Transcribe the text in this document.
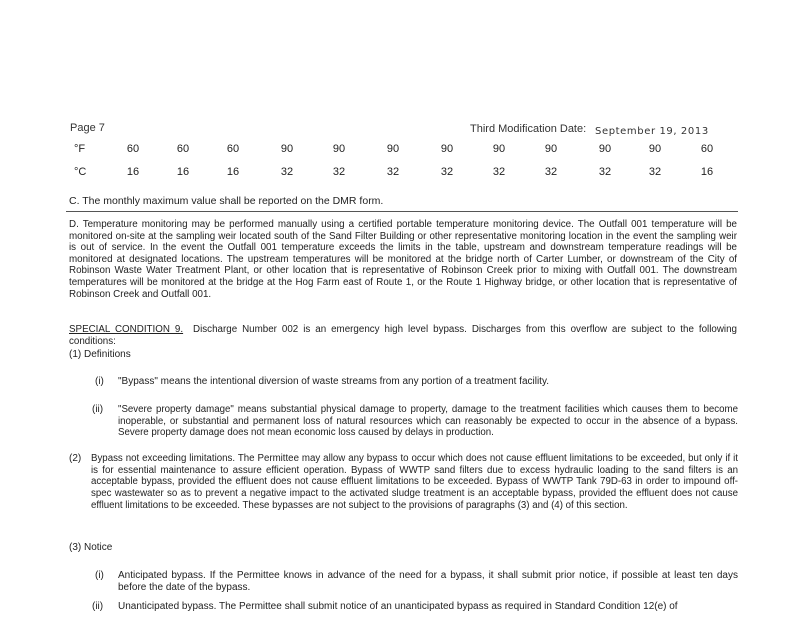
Page 7	Third Modification Date: September 19, 2013
°F	60	60	60	90	90	90	90	90	90	90	90	60
°C	16	16	16	32	32	32	32	32	32	32	32	16
C. The monthly maximum value shall be reported on the DMR form.
D. Temperature monitoring may be performed manually using a certified portable temperature monitoring device. The Outfall 001 temperature will be monitored on-site at the sampling weir located south of the Sand Filter Building or other representative monitoring location in the event the sampling weir is out of service. In the event the Outfall 001 temperature exceeds the limits in the table, upstream and downstream temperature readings will be monitored at designated locations. The upstream temperatures will be monitored at the bridge north of Carter Lumber, or downstream of the City of Robinson Waste Water Treatment Plant, or other location that is representative of Robinson Creek prior to mixing with Outfall 001. The downstream temperatures will be monitored at the bridge at the Hog Farm east of Route 1, or the Route 1 Highway bridge, or other location that is representative of Robinson Creek and Outfall 001.
SPECIAL CONDITION 9. Discharge Number 002 is an emergency high level bypass. Discharges from this overflow are subject to the following conditions:
(1) Definitions
(i)	"Bypass" means the intentional diversion of waste streams from any portion of a treatment facility.
(ii)	"Severe property damage" means substantial physical damage to property, damage to the treatment facilities which causes them to become inoperable, or substantial and permanent loss of natural resources which can reasonably be expected to occur in the absence of a bypass. Severe property damage does not mean economic loss caused by delays in production.
(2)	Bypass not exceeding limitations. The Permittee may allow any bypass to occur which does not cause effluent limitations to be exceeded, but only if it is for essential maintenance to assure efficient operation. Bypass of WWTP sand filters due to excess hydraulic loading to the sand filters is an acceptable bypass, provided the effluent does not cause effluent limitations to be exceeded. Bypass of WWTP Tank 79D-63 in order to impound off-spec wastewater so as to prevent a negative impact to the activated sludge treatment is an acceptable bypass, provided the effluent does not cause effluent limitations to be exceeded. These bypasses are not subject to the provisions of paragraphs (3) and (4) of this section.
(3) Notice
(i)	Anticipated bypass. If the Permittee knows in advance of the need for a bypass, it shall submit prior notice, if possible at least ten days before the date of the bypass.
(ii)	Unanticipated bypass. The Permittee shall submit notice of an unanticipated bypass as required in Standard Condition 12(e) of
